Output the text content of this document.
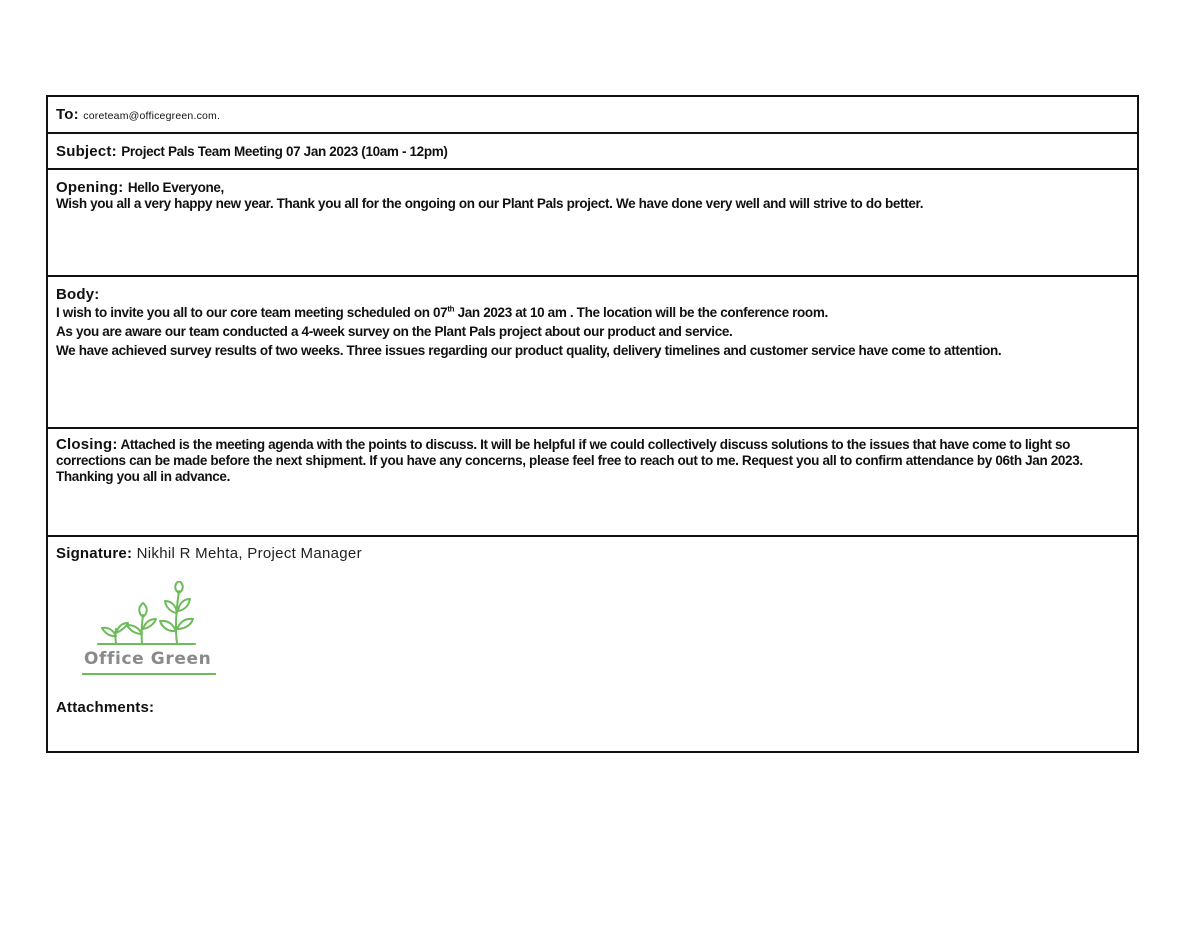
To: coreteam@officegreen.com.
Subject: Project Pals Team Meeting 07 Jan 2023 (10am - 12pm)
Opening: Hello Everyone,
Wish you all a very happy new year. Thank you all for the ongoing on our Plant Pals project. We have done very well and will strive to do better.
Body:
I wish to invite you all to our core team meeting scheduled on 07th Jan 2023 at 10 am . The location will be the conference room.
As you are aware our team conducted a 4-week survey on the Plant Pals project about our product and service.
We have achieved survey results of two weeks. Three issues regarding our product quality, delivery timelines and customer service have come to attention.
Closing: Attached is the meeting agenda with the points to discuss. It will be helpful if we could collectively discuss solutions to the issues that have come to light so corrections can be made before the next shipment. If you have any concerns, please feel free to reach out to me. Request you all to confirm attendance by 06th Jan 2023.
Thanking you all in advance.
Signature: Nikhil R Mehta, Project Manager
Office Green
Attachments:
